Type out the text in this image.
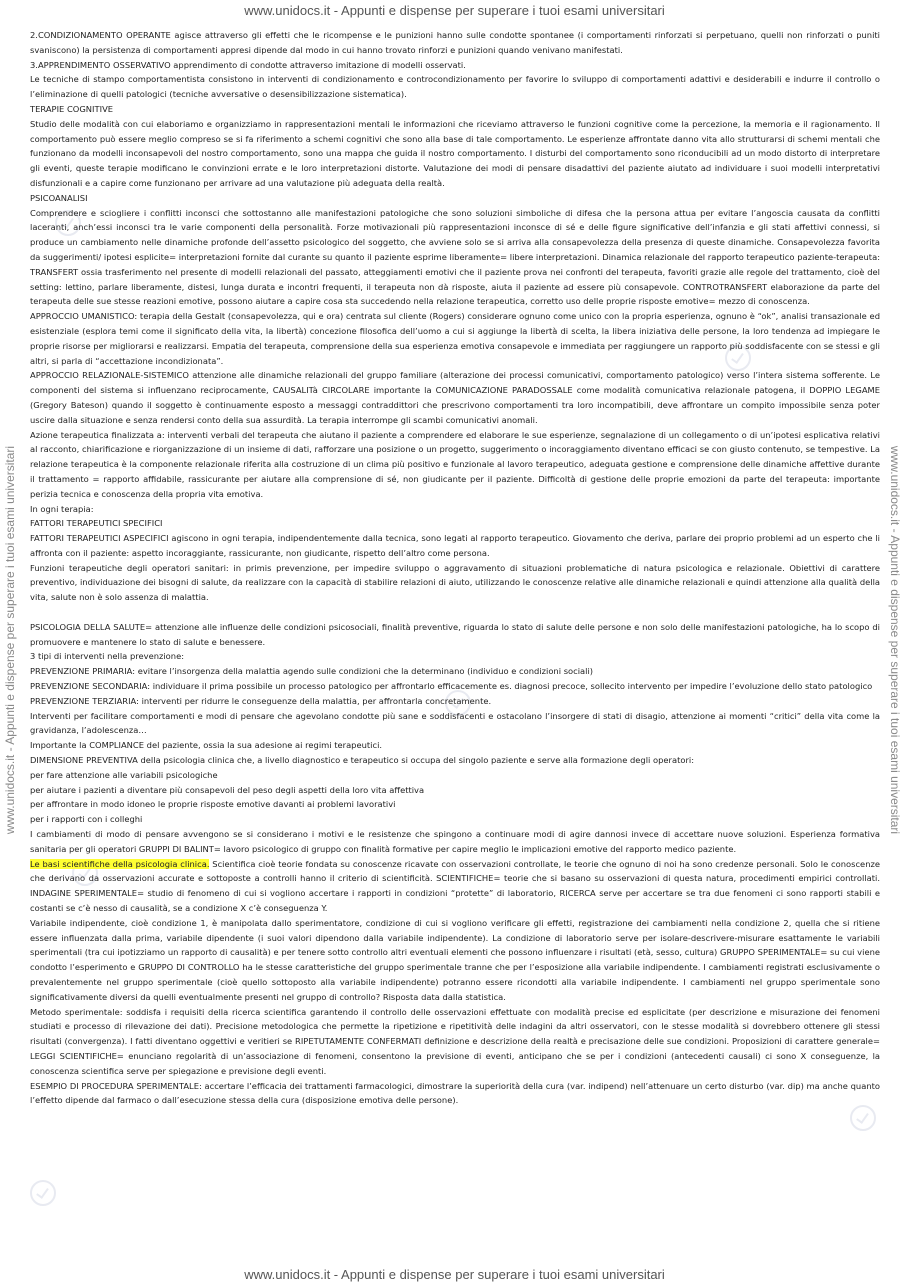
www.unidocs.it - Appunti e dispense per superare i tuoi esami universitari
www.unidocs.it - Appunti e dispense per superare i tuoi esami universitari	www.unidocs.it - Appunti e dispense per superare i tuoi esami universitari

2.CONDIZIONAMENTO OPERANTE agisce attraverso gli effetti che le ricompense e le punizioni hanno sulle condotte spontanee (i comportamenti rinforzati si perpetuano, quelli non rinforzati o puniti svaniscono) la persistenza di comportamenti appresi dipende dal modo in cui hanno trovato rinforzi e punizioni quando venivano manifestati.

3.APPRENDIMENTO OSSERVATIVO apprendimento di condotte attraverso imitazione di modelli osservati.

Le tecniche di stampo comportamentista consistono in interventi di condizionamento e controcondizionamento per favorire lo sviluppo di comportamenti adattivi e desiderabili e indurre il controllo o l’eliminazione di quelli patologici (tecniche avversative o desensibilizzazione sistematica).

TERAPIE COGNITIVE

Studio delle modalità con cui elaboriamo e organizziamo in rappresentazioni mentali le informazioni che riceviamo attraverso le funzioni cognitive come la percezione, la memoria e il ragionamento. Il comportamento può essere meglio compreso se si fa riferimento a schemi cognitivi che sono alla base di tale comportamento. Le esperienze affrontate danno vita allo strutturarsi di schemi mentali che funzionano da modelli inconsapevoli del nostro comportamento, sono una mappa che guida il nostro comportamento. I disturbi del comportamento sono riconducibili ad un modo distorto di interpretare gli eventi, queste terapie modificano le convinzioni errate e le loro interpretazioni distorte. Valutazione dei modi di pensare disadattivi del paziente aiutato ad individuare i suoi modelli interpretativi disfunzionali e a capire come funzionano per arrivare ad una valutazione più adeguata della realtà.

PSICOANALISI

Comprendere e sciogliere i conflitti inconsci che sottostanno alle manifestazioni patologiche che sono soluzioni simboliche di difesa che la persona attua per evitare l’angoscia causata da conflitti laceranti, anch’essi inconsci tra le varie componenti della personalità. Forze motivazionali più rappresentazioni inconsce di sé e delle figure significative dell’infanzia e gli stati affettivi connessi, si produce un cambiamento nelle dinamiche profonde dell’assetto psicologico del soggetto, che avviene solo se si arriva alla consapevolezza della presenza di queste dinamiche. Consapevolezza favorita da suggerimenti/ ipotesi esplicite= interpretazioni fornite dal curante su quanto il paziente esprime liberamente= libere interpretazioni. Dinamica relazionale del rapporto terapeutico paziente-terapeuta: TRANSFERT ossia trasferimento nel presente di modelli relazionali del passato, atteggiamenti emotivi che il paziente prova nei confronti del terapeuta, favoriti grazie alle regole del trattamento, cioè del setting: lettino, parlare liberamente, distesi, lunga durata e incontri frequenti, il terapeuta non dà risposte, aiuta il paziente ad essere più consapevole. CONTROTRANSFERT elaborazione da parte del terapeuta delle sue stesse reazioni emotive, possono aiutare a capire cosa sta succedendo nella relazione terapeutica, corretto uso delle proprie risposte emotive= mezzo di conoscenza.

APPROCCIO UMANISTICO: terapia della Gestalt (consapevolezza, qui e ora) centrata sul cliente (Rogers) considerare ognuno come unico con la propria esperienza, ognuno è “ok”, analisi transazionale ed esistenziale (esplora temi come il significato della vita, la libertà) concezione filosofica dell’uomo a cui si aggiunge la libertà di scelta, la libera iniziativa delle persone, la loro tendenza ad impiegare le proprie risorse per migliorarsi e realizzarsi. Empatia del terapeuta, comprensione della sua esperienza emotiva consapevole e immediata per raggiungere un rapporto più soddisfacente con se stessi e gli altri, si parla di “accettazione incondizionata”.

APPROCCIO RELAZIONALE-SISTEMICO attenzione alle dinamiche relazionali del gruppo familiare (alterazione dei processi comunicativi, comportamento patologico) verso l’intera sistema sofferente. Le componenti del sistema si influenzano reciprocamente, CAUSALITà CIRCOLARE importante la COMUNICAZIONE PARADOSSALE come modalità comunicativa relazionale patogena, il DOPPIO LEGAME (Gregory Bateson) quando il soggetto è continuamente esposto a messaggi contraddittori che prescrivono comportamenti tra loro incompatibili, deve affrontare un compito impossibile senza poter uscire dalla situazione e senza rendersi conto della sua assurdità. La terapia interrompe gli scambi comunicativi anomali.

Azione terapeutica finalizzata a: interventi verbali del terapeuta che aiutano il paziente a comprendere ed elaborare le sue esperienze, segnalazione di un collegamento o di un’ipotesi esplicativa relativi al racconto, chiarificazione e riorganizzazione di un insieme di dati, rafforzare una posizione o un progetto, suggerimento o incoraggiamento diventano efficaci se con giusto contenuto, se tempestive. La relazione terapeutica è la componente relazionale riferita alla costruzione di un clima più positivo e funzionale al lavoro terapeutico, adeguata gestione e comprensione delle dinamiche affettive durante il trattamento = rapporto affidabile, rassicurante per aiutare alla comprensione di sé, non giudicante per il paziente. Difficoltà di gestione delle proprie emozioni da parte del terapeuta: importante perizia tecnica e conoscenza della propria vita emotiva.

In ogni terapia:

FATTORI TERAPEUTICI SPECIFICI

FATTORI TERAPEUTICI ASPECIFICI agiscono in ogni terapia, indipendentemente dalla tecnica, sono legati al rapporto terapeutico. Giovamento che deriva, parlare dei proprio problemi ad un esperto che li affronta con il paziente: aspetto incoraggiante, rassicurante, non giudicante, rispetto dell’altro come persona.

Funzioni terapeutiche degli operatori sanitari: in primis prevenzione, per impedire sviluppo o aggravamento di situazioni problematiche di natura psicologica e relazionale. Obiettivi di carattere preventivo, individuazione dei bisogni di salute, da realizzare con la capacità di stabilire relazioni di aiuto, utilizzando le conoscenze relative alle dinamiche relazionali e quindi attenzione alla qualità della vita, salute non è solo assenza di malattia.

PSICOLOGIA DELLA SALUTE= attenzione alle influenze delle condizioni psicosociali, finalità preventive, riguarda lo stato di salute delle persone e non solo delle manifestazioni patologiche, ha lo scopo di promuovere e mantenere lo stato di salute e benessere.

3 tipi di interventi nella prevenzione:

PREVENZIONE PRIMARIA: evitare l’insorgenza della malattia agendo sulle condizioni che la determinano (individuo e condizioni sociali)

PREVENZIONE SECONDARIA: individuare il prima possibile un processo patologico per affrontarlo efficacemente es. diagnosi precoce, sollecito intervento per impedire l’evoluzione dello stato patologico

PREVENZIONE TERZIARIA: interventi per ridurre le conseguenze della malattia, per affrontarla concretamente.

Interventi per facilitare comportamenti e modi di pensare che agevolano condotte più sane e soddisfacenti e ostacolano l’insorgere di stati di disagio, attenzione ai momenti “critici” della vita come la gravidanza, l’adolescenza…

Importante la COMPLIANCE del paziente, ossia la sua adesione ai regimi terapeutici.

DIMENSIONE PREVENTIVA della psicologia clinica che, a livello diagnostico e terapeutico si occupa del singolo paziente e serve alla formazione degli operatori:

per fare attenzione alle variabili psicologiche

per aiutare i pazienti a diventare più consapevoli del peso degli aspetti della loro vita affettiva

per affrontare in modo idoneo le proprie risposte emotive davanti ai problemi lavorativi

per i rapporti con i colleghi

I cambiamenti di modo di pensare avvengono se si considerano i motivi e le resistenze che spingono a continuare modi di agire dannosi invece di accettare nuove soluzioni. Esperienza formativa sanitaria per gli operatori GRUPPI DI BALINT= lavoro psicologico di gruppo con finalità formative per capire meglio le implicazioni emotive del rapporto medico paziente.

Le basi scientifiche della psicologia clinica. Scientifica cioè teorie fondata su conoscenze ricavate con osservazioni controllate, le teorie che ognuno di noi ha sono credenze personali. Solo le conoscenze che derivano da osservazioni accurate e sottoposte a controlli hanno il criterio di scientificità. SCIENTIFICHE= teorie che si basano su osservazioni di questa natura, procedimenti empirici controllati. INDAGINE SPERIMENTALE= studio di fenomeno di cui si vogliono accertare i rapporti in condizioni “protette” di laboratorio, RICERCA serve per accertare se tra due fenomeni ci sono rapporti stabili e costanti se c’è nesso di causalità, se a condizione X c’è conseguenza Y.

Variabile indipendente, cioè condizione 1, è manipolata dallo sperimentatore, condizione di cui si vogliono verificare gli effetti, registrazione dei cambiamenti nella condizione 2, quella che si ritiene essere influenzata dalla prima, variabile dipendente (i suoi valori dipendono dalla variabile indipendente). La condizione di laboratorio serve per isolare-descrivere-misurare esattamente le variabili sperimentali (tra cui ipotizziamo un rapporto di causalità) e per tenere sotto controllo altri eventuali elementi che possono influenzare i risultati (età, sesso, cultura) GRUPPO SPERIMENTALE= su cui viene condotto l’esperimento e GRUPPO DI CONTROLLO ha le stesse caratteristiche del gruppo sperimentale tranne che per l’esposizione alla variabile indipendente. I cambiamenti registrati esclusivamente o prevalentemente nel gruppo sperimentale (cioè quello sottoposto alla variabile indipendente) potranno essere ricondotti alla variabile indipendente. I cambiamenti nel gruppo sperimentale sono significativamente diversi da quelli eventualmente presenti nel gruppo di controllo? Risposta data dalla statistica.

Metodo sperimentale: soddisfa i requisiti della ricerca scientifica garantendo il controllo delle osservazioni effettuate con modalità precise ed esplicitate (per descrizione e misurazione dei fenomeni studiati e processo di rilevazione dei dati). Precisione metodologica che permette la ripetizione e ripetitività delle indagini da altri osservatori, con le stesse modalità si dovrebbero ottenere gli stessi risultati (convergenza). I fatti diventano oggettivi e veritieri se RIPETUTAMENTE CONFERMATI definizione e descrizione della realtà e precisazione delle sue condizioni. Proposizioni di carattere generale= LEGGI SCIENTIFICHE= enunciano regolarità di un’associazione di fenomeni, consentono la previsione di eventi, anticipano che se per i condizioni (antecedenti causali) ci sono X conseguenze, la conoscenza scientifica serve per spiegazione e previsione degli eventi.

ESEMPIO DI PROCEDURA SPERIMENTALE: accertare l’efficacia dei trattamenti farmacologici, dimostrare la superiorità della cura (var. indipend) nell’attenuare un certo disturbo (var. dip) ma anche quanto l’effetto dipende dal farmaco o dall’esecuzione stessa della cura (disposizione emotiva delle persone).

www.unidocs.it - Appunti e dispense per superare i tuoi esami universitari
